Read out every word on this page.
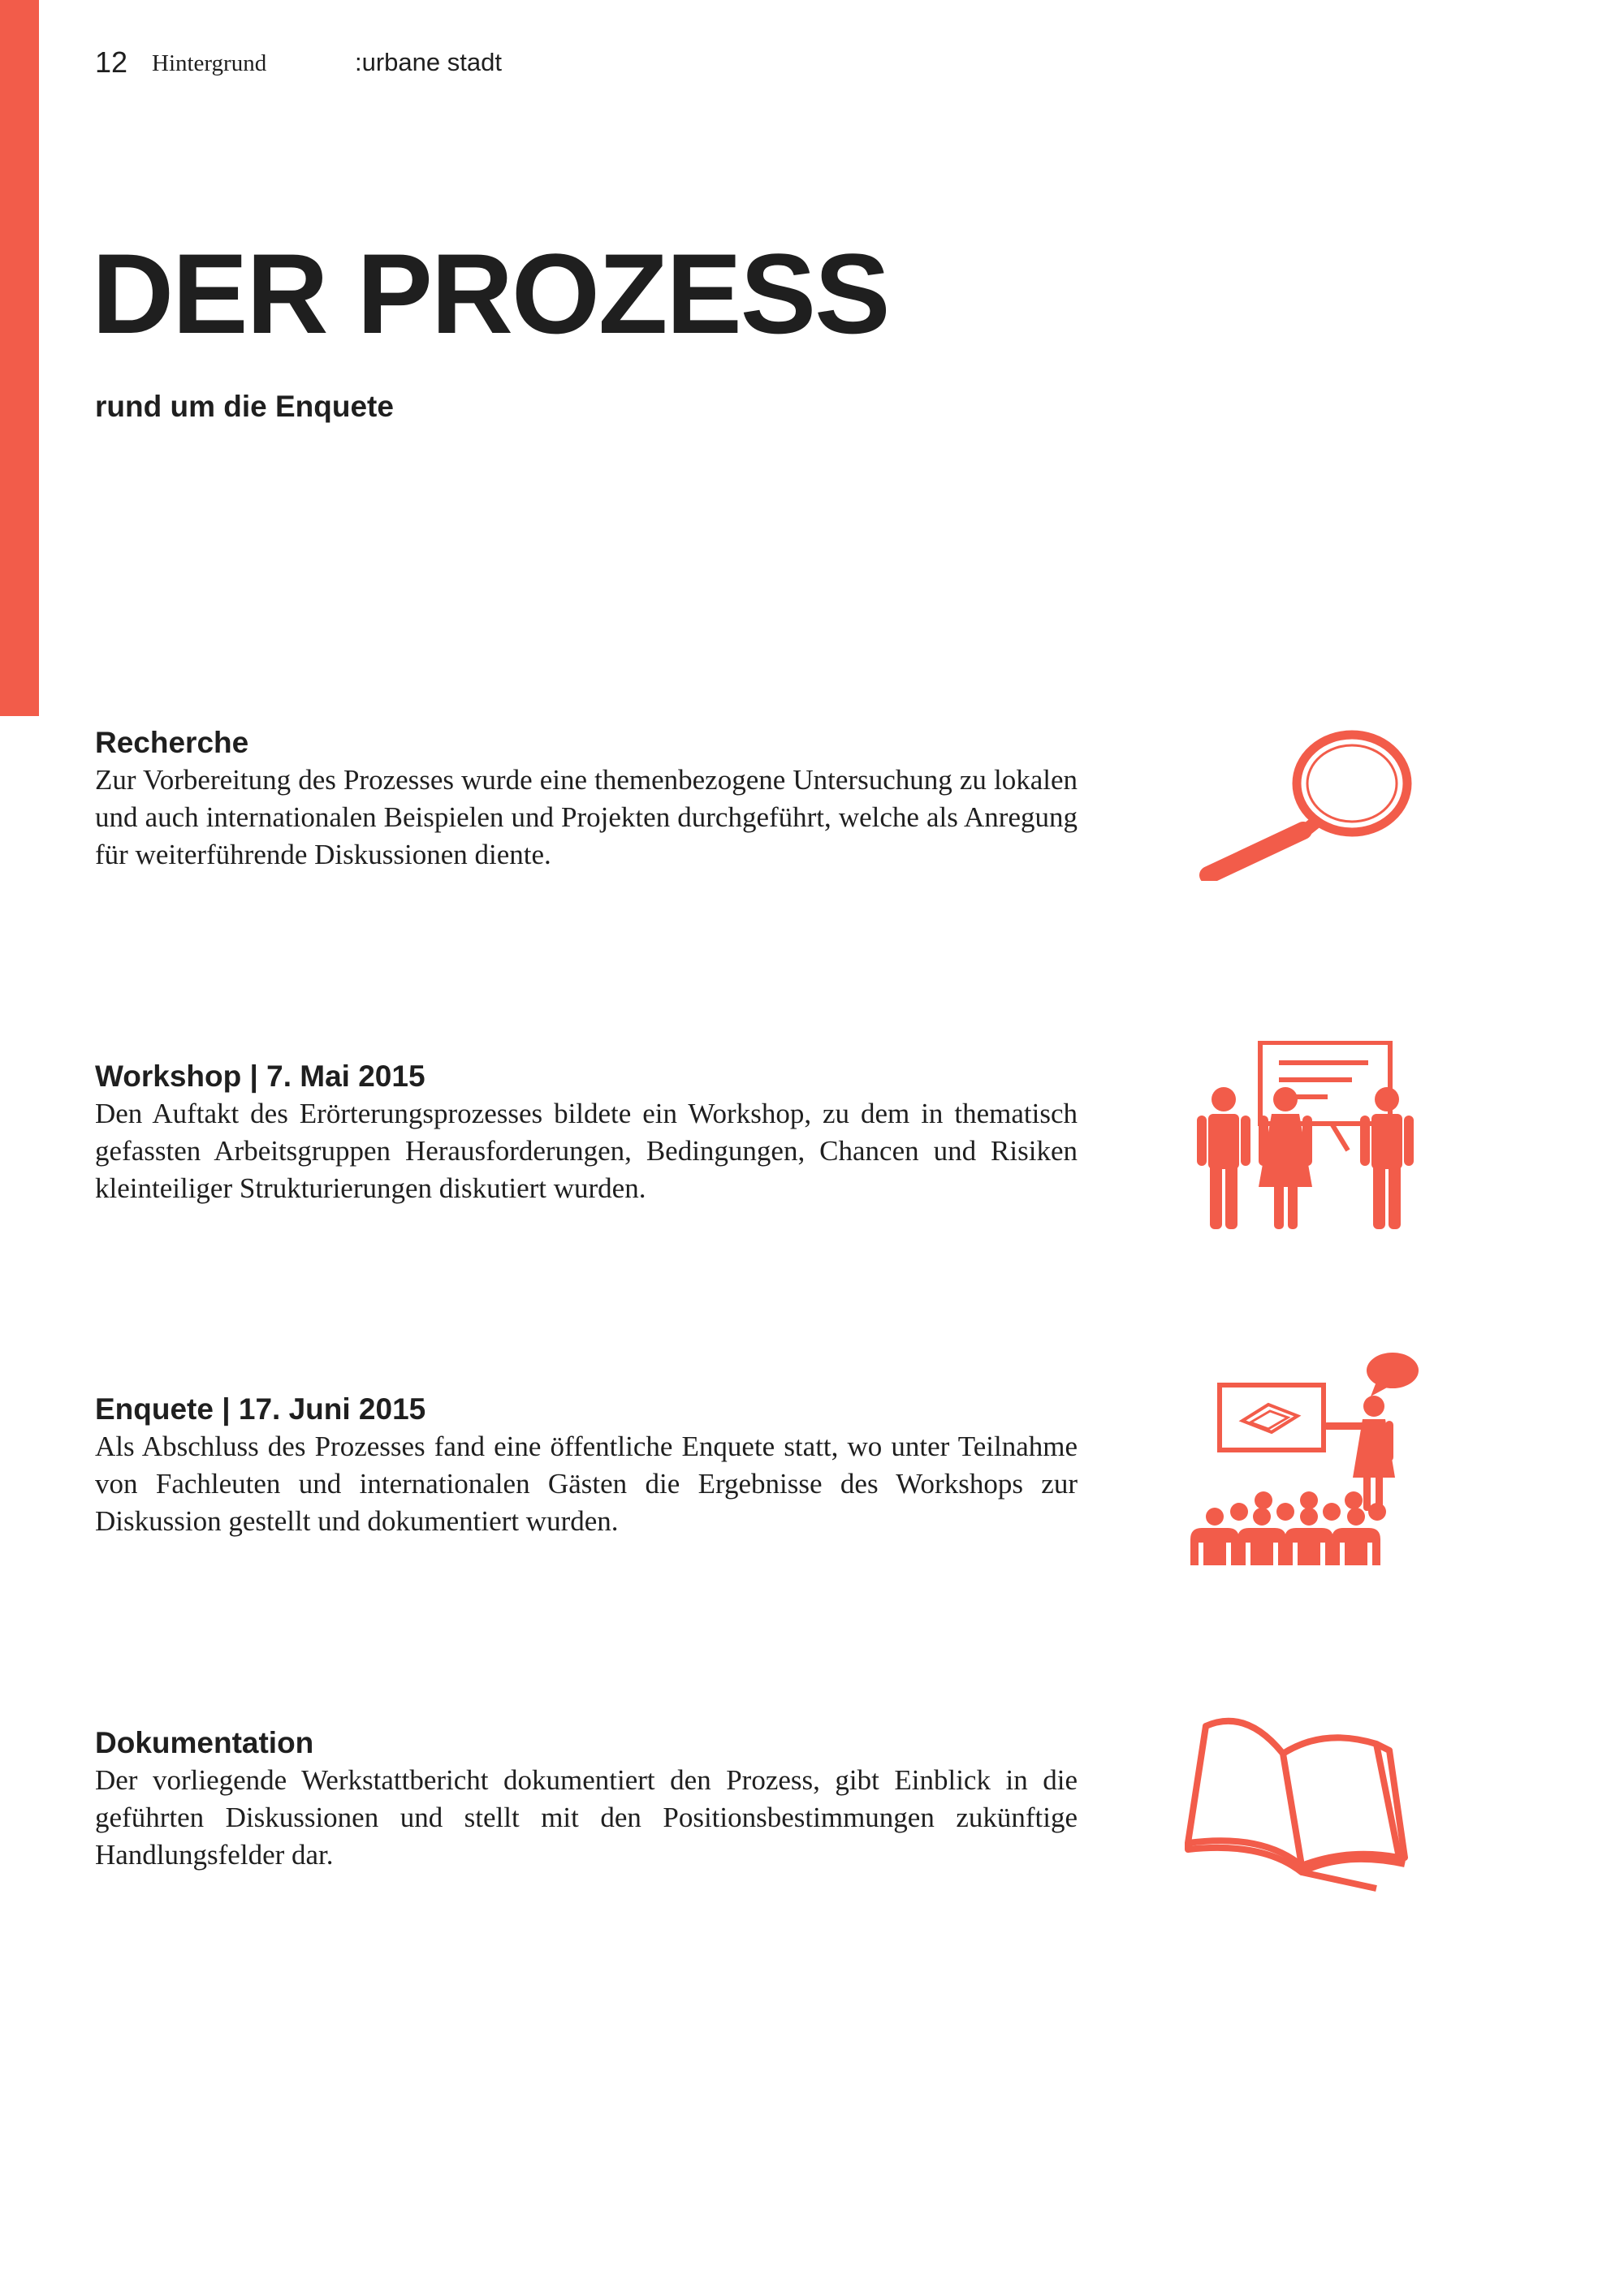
12 Hintergrund	:urbane stadt
DER PROZESS
rund um die Enquete
Recherche

Zur Vorbereitung des Prozesses wurde eine themenbezogene Untersuchung zu lokalen und auch internationalen Beispielen und Projekten durchgeführt, welche als Anregung für weiterführende Diskussionen diente.

Workshop | 7. Mai 2015

Den Auftakt des Erörterungsprozesses bildete ein Workshop, zu dem in thematisch gefassten Arbeitsgruppen Herausforderungen, Bedingungen, Chancen und Risiken kleinteiliger Strukturierungen diskutiert wurden.

Enquete | 17. Juni 2015

Als Abschluss des Prozesses fand eine öffentliche Enquete statt, wo unter Teilnahme von Fachleuten und internationalen Gästen die Ergebnisse des Workshops zur Diskussion gestellt und dokumentiert wurden.

Dokumentation

Der vorliegende Werkstattbericht dokumentiert den Prozess, gibt Einblick in die geführten Diskussionen und stellt mit den Positionsbestimmungen zukünftige Handlungsfelder dar.
